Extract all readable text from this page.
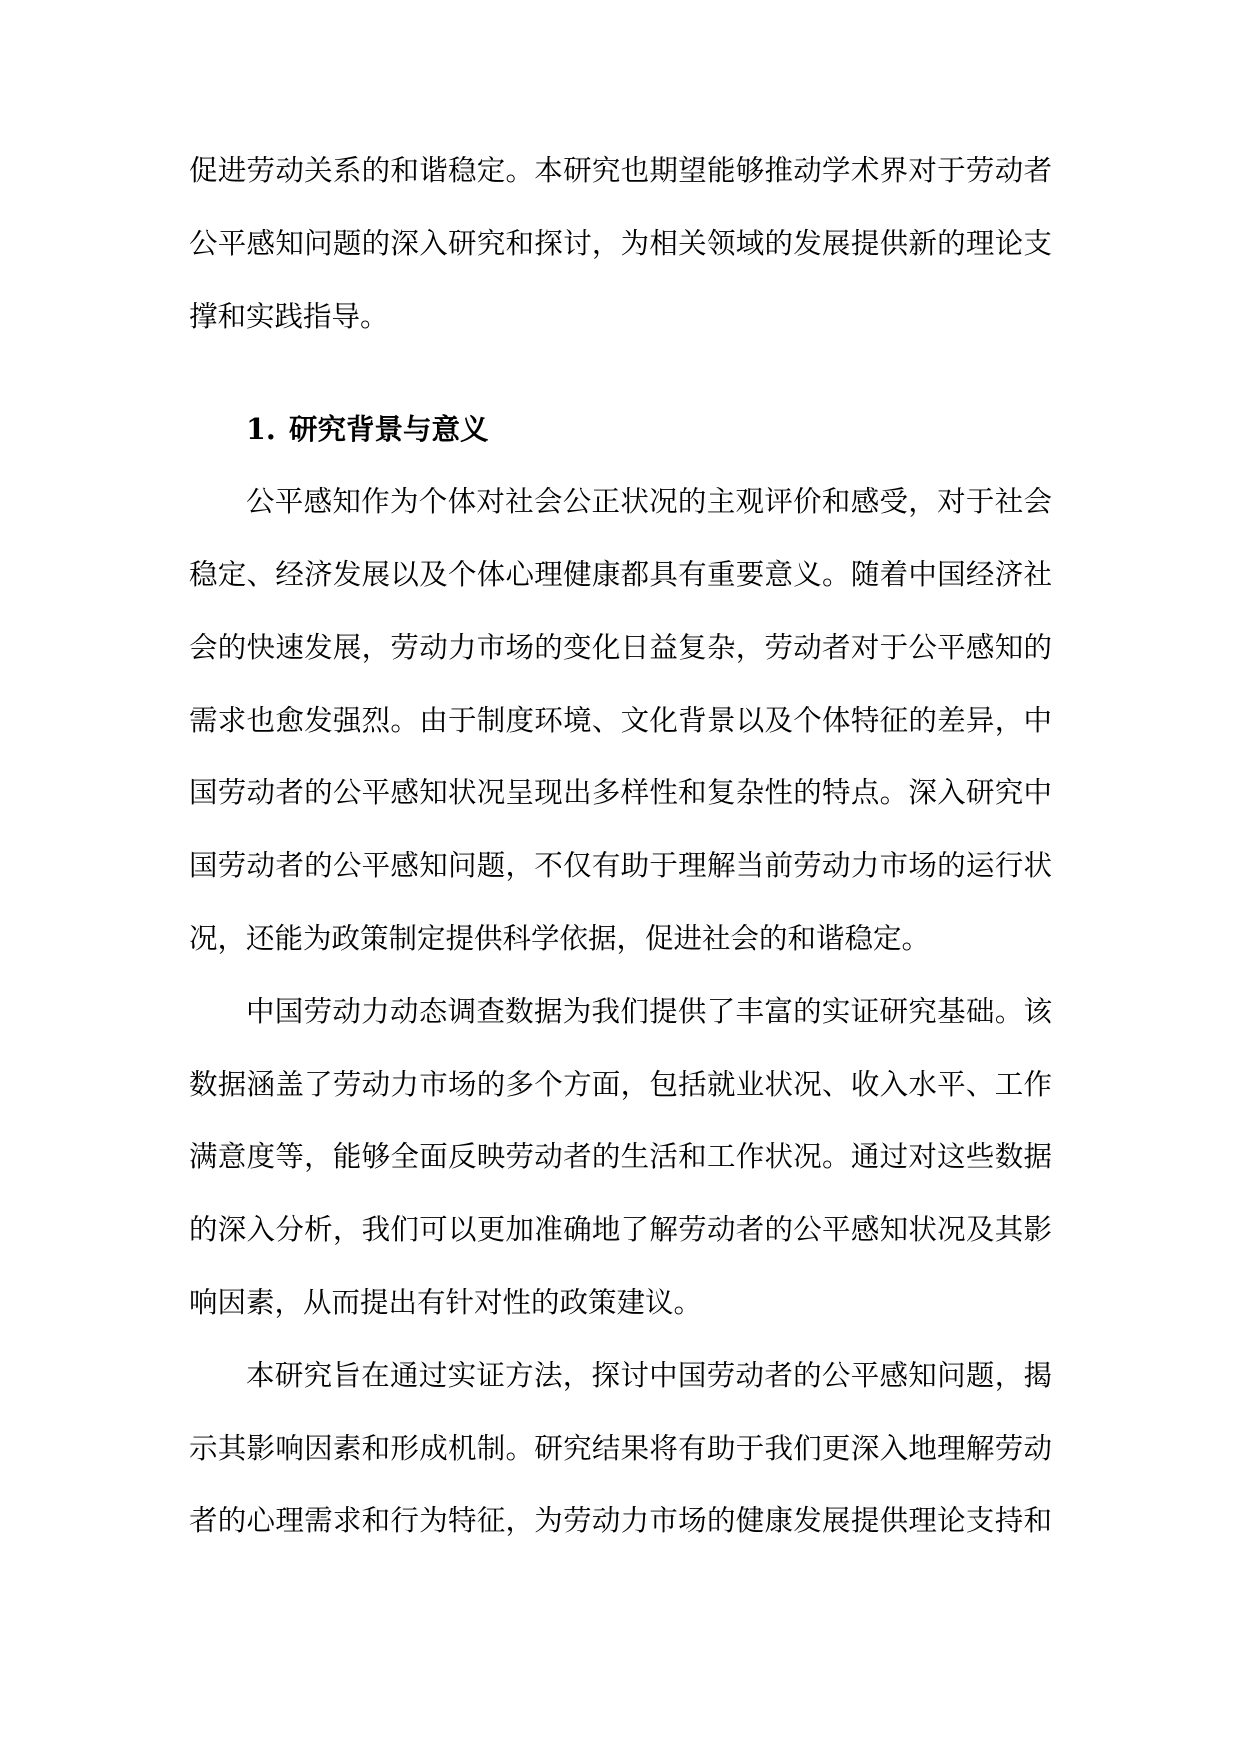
促进劳动关系的和谐稳定。本研究也期望能够推动学术界对于劳动者
公平感知问题的深入研究和探讨，为相关领域的发展提供新的理论支
撑和实践指导。
1. 研究背景与意义
公平感知作为个体对社会公正状况的主观评价和感受，对于社会
稳定、经济发展以及个体心理健康都具有重要意义。随着中国经济社
会的快速发展，劳动力市场的变化日益复杂，劳动者对于公平感知的
需求也愈发强烈。由于制度环境、文化背景以及个体特征的差异，中
国劳动者的公平感知状况呈现出多样性和复杂性的特点。深入研究中
国劳动者的公平感知问题，不仅有助于理解当前劳动力市场的运行状
况，还能为政策制定提供科学依据，促进社会的和谐稳定。
中国劳动力动态调查数据为我们提供了丰富的实证研究基础。该
数据涵盖了劳动力市场的多个方面，包括就业状况、收入水平、工作
满意度等，能够全面反映劳动者的生活和工作状况。通过对这些数据
的深入分析，我们可以更加准确地了解劳动者的公平感知状况及其影
响因素，从而提出有针对性的政策建议。
本研究旨在通过实证方法，探讨中国劳动者的公平感知问题，揭
示其影响因素和形成机制。研究结果将有助于我们更深入地理解劳动
者的心理需求和行为特征，为劳动力市场的健康发展提供理论支持和
